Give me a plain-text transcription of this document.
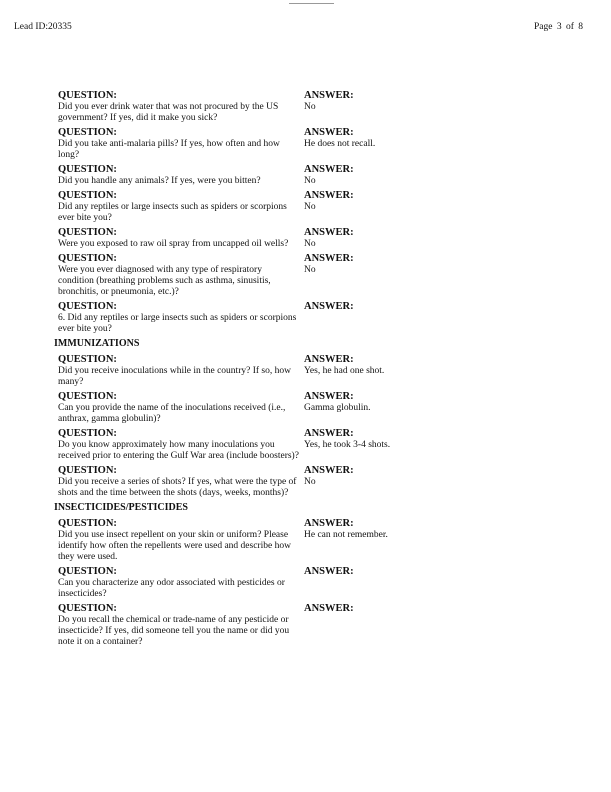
Lead ID:20335	Page 3 of 8
QUESTION:
Did you ever drink water that was not procured by the US government? If yes, did it make you sick?
ANSWER:
No
QUESTION:
Did you take anti-malaria pills? If yes, how often and how long?
ANSWER:
He does not recall.
QUESTION:
Did you handle any animals? If yes, were you bitten?
ANSWER:
No
QUESTION:
Did any reptiles or large insects such as spiders or scorpions ever bite you?
ANSWER:
No
QUESTION:
Were you exposed to raw oil spray from uncapped oil wells?
ANSWER:
No
QUESTION:
Were you ever diagnosed with any type of respiratory condition (breathing problems such as asthma, sinusitis, bronchitis, or pneumonia, etc.)?
ANSWER:
No
QUESTION:
6. Did any reptiles or large insects such as spiders or scorpions ever bite you?
ANSWER:
IMMUNIZATIONS
QUESTION:
Did you receive inoculations while in the country? If so, how many?
ANSWER:
Yes, he had one shot.
QUESTION:
Can you provide the name of the inoculations received (i.e., anthrax, gamma globulin)?
ANSWER:
Gamma globulin.
QUESTION:
Do you know approximately how many inoculations you received prior to entering the Gulf War area (include boosters)?
ANSWER:
Yes, he took 3-4 shots.
QUESTION:
Did you receive a series of shots? If yes, what were the type of shots and the time between the shots (days, weeks, months)?
ANSWER:
No
INSECTICIDES/PESTICIDES
QUESTION:
Did you use insect repellent on your skin or uniform? Please identify how often the repellents were used and describe how they were used.
ANSWER:
He can not remember.
QUESTION:
Can you characterize any odor associated with pesticides or insecticides?
ANSWER:
QUESTION:
Do you recall the chemical or trade-name of any pesticide or insecticide? If yes, did someone tell you the name or did you note it on a container?
ANSWER:
